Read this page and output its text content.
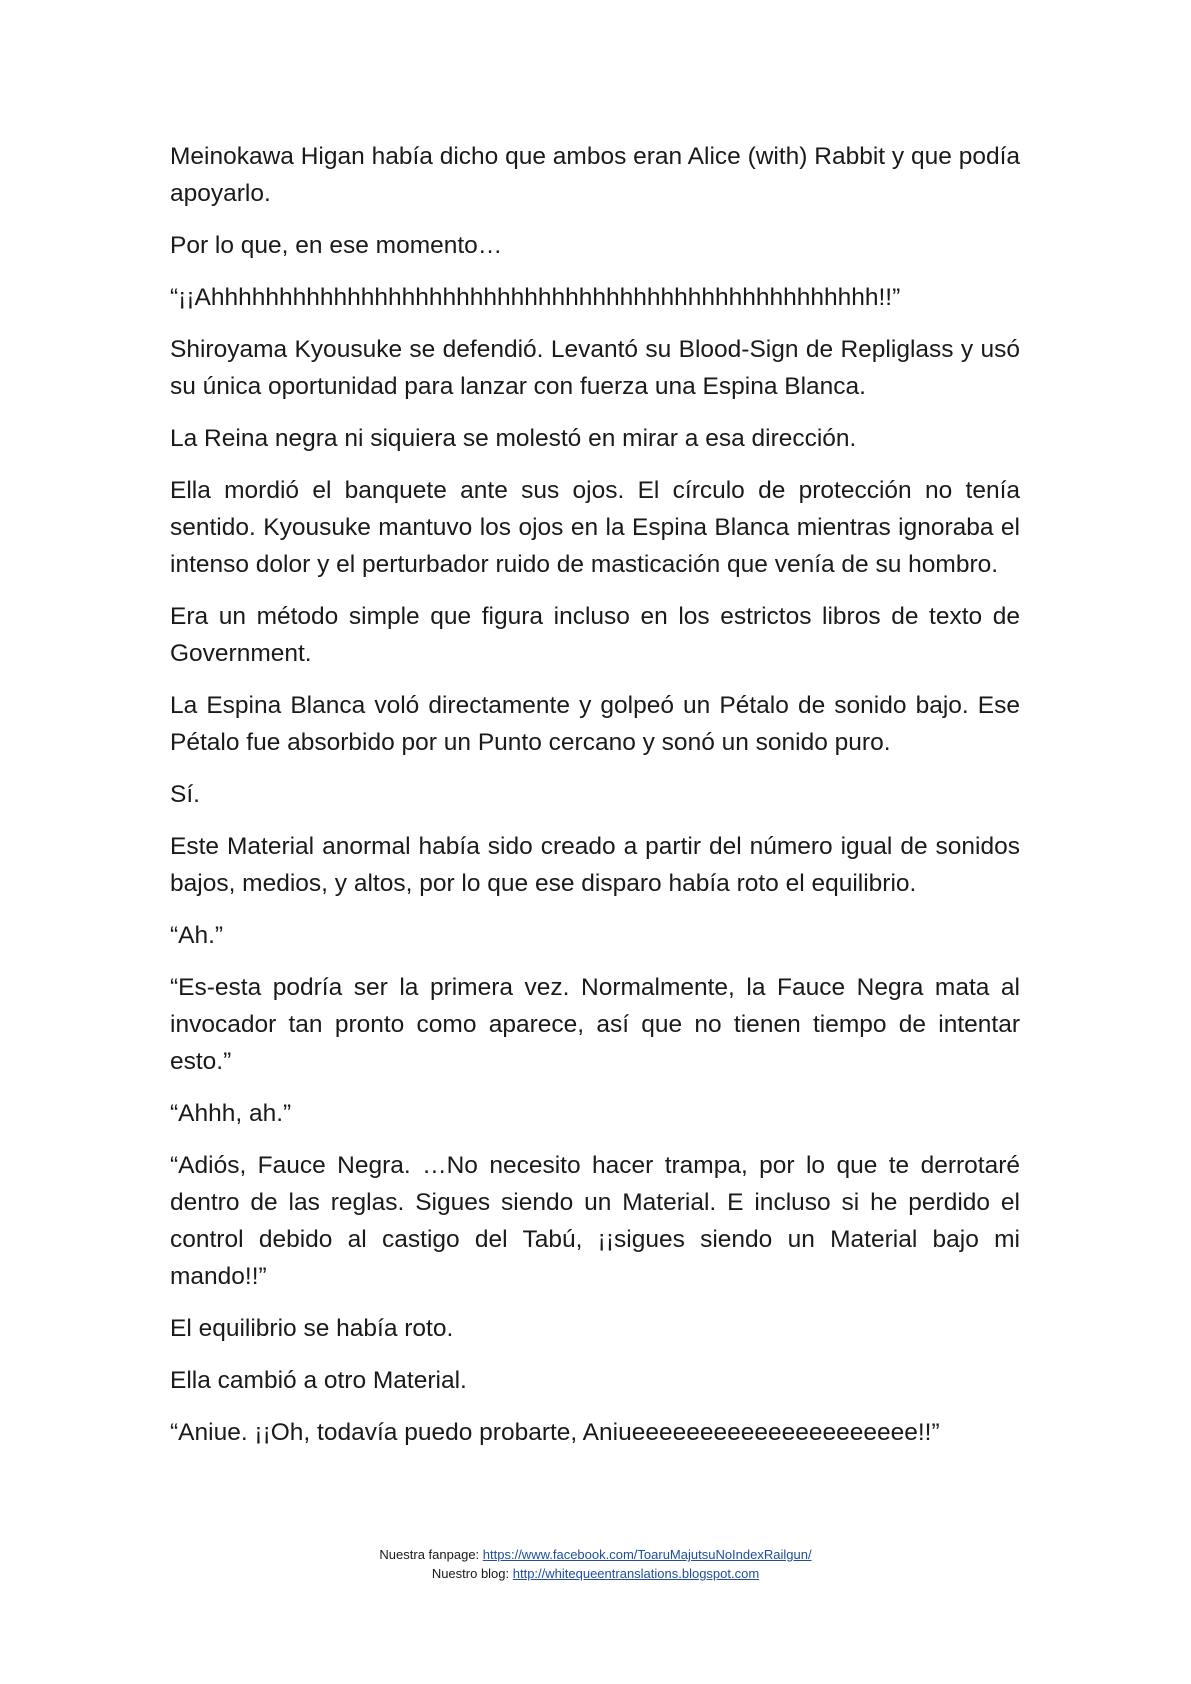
Meinokawa Higan había dicho que ambos eran Alice (with) Rabbit y que podía apoyarlo.

Por lo que, en ese momento…

“¡¡Ahhhhhhhhhhhhhhhhhhhhhhhhhhhhhhhhhhhhhhhhhhhhhhhhh!!”

Shiroyama Kyousuke se defendió. Levantó su Blood-Sign de Repliglass y usó su única oportunidad para lanzar con fuerza una Espina Blanca.

La Reina negra ni siquiera se molestó en mirar a esa dirección.

Ella mordió el banquete ante sus ojos. El círculo de protección no tenía sentido. Kyousuke mantuvo los ojos en la Espina Blanca mientras ignoraba el intenso dolor y el perturbador ruido de masticación que venía de su hombro.

Era un método simple que figura incluso en los estrictos libros de texto de Government.

La Espina Blanca voló directamente y golpeó un Pétalo de sonido bajo. Ese Pétalo fue absorbido por un Punto cercano y sonó un sonido puro.

Sí.

Este Material anormal había sido creado a partir del número igual de sonidos bajos, medios, y altos, por lo que ese disparo había roto el equilibrio.

“Ah.”

“Es-esta podría ser la primera vez. Normalmente, la Fauce Negra mata al invocador tan pronto como aparece, así que no tienen tiempo de intentar esto.”

“Ahhh, ah.”

“Adiós, Fauce Negra. …No necesito hacer trampa, por lo que te derrotaré dentro de las reglas. Sigues siendo un Material. E incluso si he perdido el control debido al castigo del Tabú, ¡¡sigues siendo un Material bajo mi mando!!”

El equilibrio se había roto.

Ella cambió a otro Material.

“Aniue. ¡¡Oh, todavía puedo probarte, Aniueeeeeeeeeeeeeeeeeeeee!!”

Nuestra fanpage: https://www.facebook.com/ToaruMajutsuNoIndexRailgun/
Nuestro blog: http://whitequeentranslations.blogspot.com
